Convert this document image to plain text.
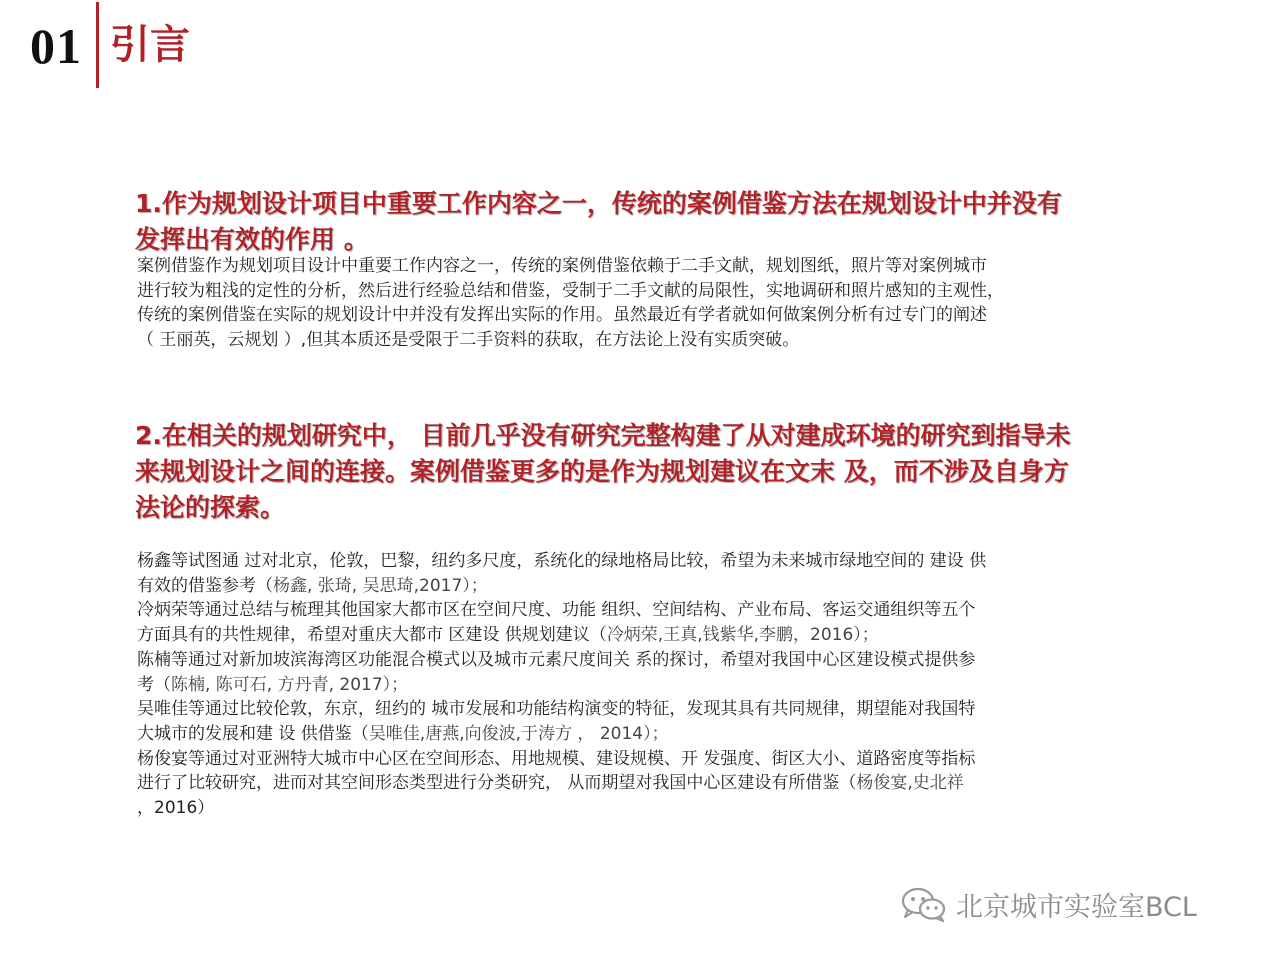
01 引言
1.作为规划设计项目中重要工作内容之一，传统的案例借鉴方法在规划设计中并没有
发挥出有效的作用 。
案例借鉴作为规划项目设计中重要工作内容之一，传统的案例借鉴依赖于二手文献，规划图纸，照片等对案例城市
进行较为粗浅的定性的分析，然后进行经验总结和借鉴，受制于二手文献的局限性，实地调研和照片感知的主观性，
传统的案例借鉴在实际的规划设计中并没有发挥出实际的作用。虽然最近有学者就如何做案例分析有过专门的阐述
（ 王丽英，云规划 ）,但其本质还是受限于二手资料的获取，在方法论上没有实质突破。
2.在相关的规划研究中， 目前几乎没有研究完整构建了从对建成环境的研究到指导未
来规划设计之间的连接。案例借鉴更多的是作为规划建议在文末 及，而不涉及自身方
法论的探索。
杨鑫等试图通 过对北京，伦敦，巴黎，纽约多尺度，系统化的绿地格局比较，希望为未来城市绿地空间的 建设 供
有效的借鉴参考（杨鑫, 张琦, 吴思琦,2017）；
冷炳荣等通过总结与梳理其他国家大都市区在空间尺度、功能 组织、空间结构、产业布局、客运交通组织等五个
方面具有的共性规律，希望对重庆大都市 区建设 供规划建议（冷炳荣,王真,钱紫华,李鹏，2016）；
陈楠等通过对新加坡滨海湾区功能混合模式以及城市元素尺度间关 系的探讨，希望对我国中心区建设模式提供参
考（陈楠, 陈可石, 方丹青, 2017）；
吴唯佳等通过比较伦敦，东京，纽约的 城市发展和功能结构演变的特征，发现其具有共同规律，期望能对我国特
大城市的发展和建 设 供借鉴（吴唯佳,唐燕,向俊波,于涛方 ， 2014）；
杨俊宴等通过对亚洲特大城市中心区在空间形态、用地规模、建设规模、开 发强度、街区大小、道路密度等指标
进行了比较研究，进而对其空间形态类型进行分类研究， 从而期望对我国中心区建设有所借鉴（杨俊宴,史北祥
，2016）
北京城市实验室BCL
